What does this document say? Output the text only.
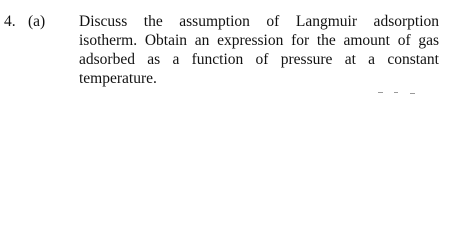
4. (a) Discuss the assumption of Langmuir adsorption
isotherm. Obtain an expression for the amount of gas
adsorbed as a function of pressure at a constant
temperature.
